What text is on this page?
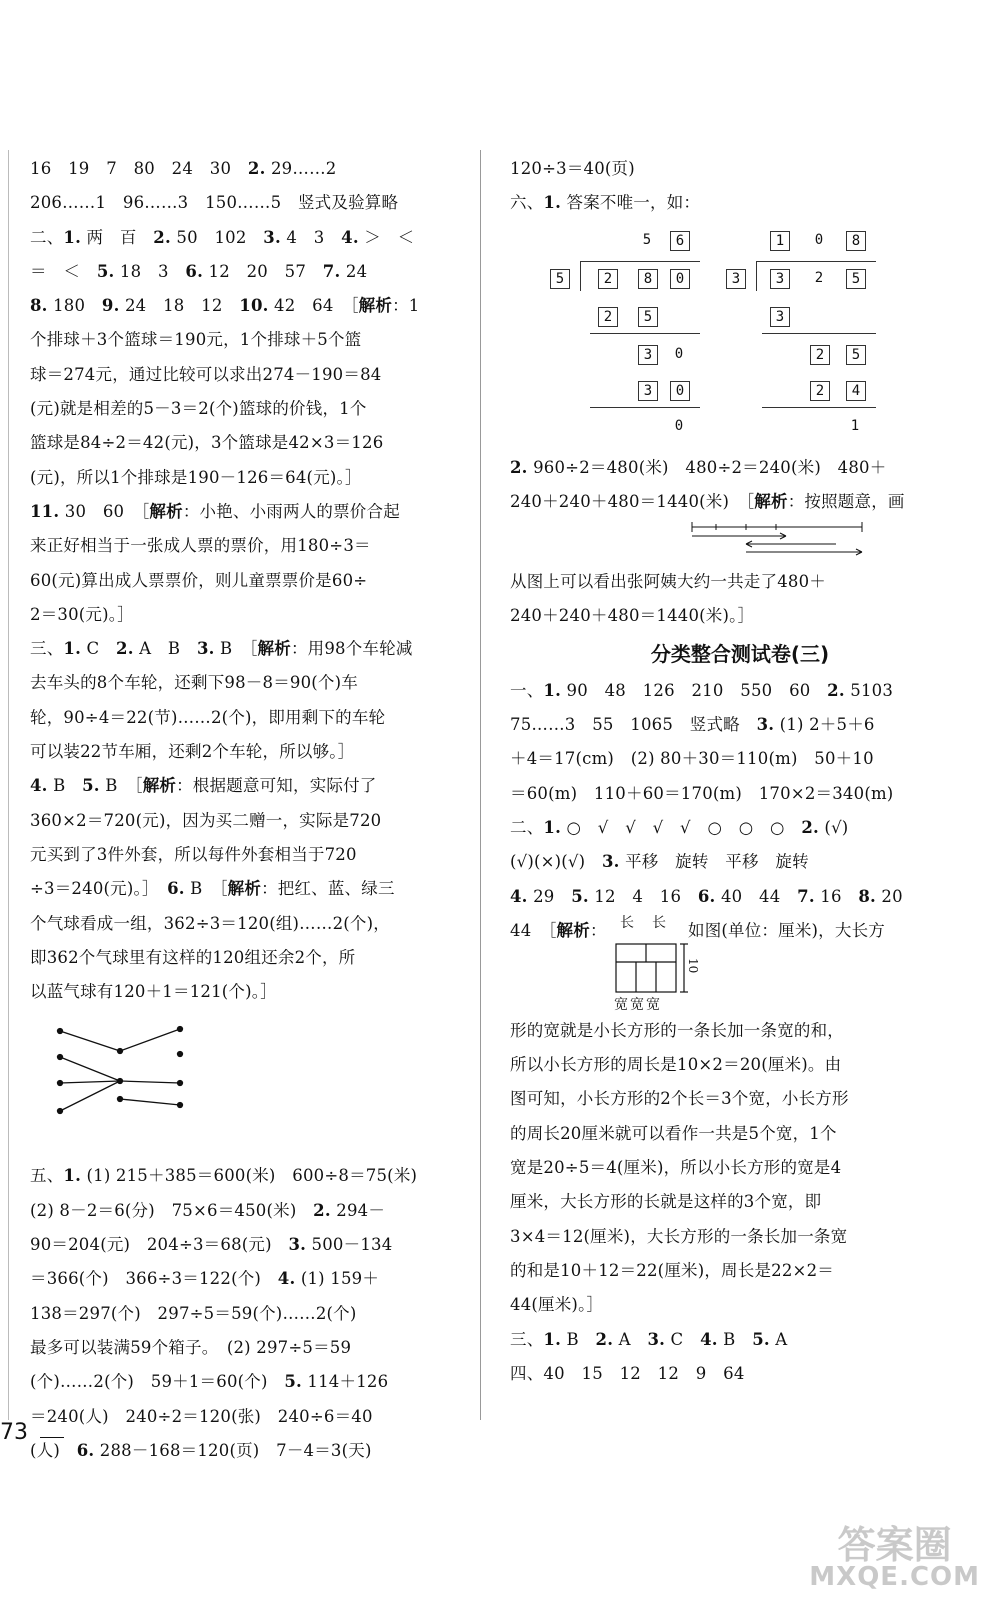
16　19　7　80　24　30　2. 29……2
206……1　96……3　150……5　竖式及验算略
二、1. 两　百　2. 50　102　3. 4　3　4. ＞　＜
＝　＜　5. 18　3　6. 12　20　57　7. 24
8. 180　9. 24　18　12　10. 42　64　［解析：1
个排球＋3个篮球＝190元，1个排球＋5个篮
球＝274元，通过比较可以求出274－190＝84
(元)就是相差的5－3＝2(个)篮球的价钱，1个
篮球是84÷2＝42(元)，3个篮球是42×3＝126
(元)，所以1个排球是190－126＝64(元)。］
11. 30　60　［解析：小艳、小雨两人的票价合起
来正好相当于一张成人票的票价，用180÷3＝
60(元)算出成人票票价，则儿童票票价是60÷
2＝30(元)。］
三、1. C　2. A　B　3. B　［解析：用98个车轮减
去车头的8个车轮，还剩下98－8＝90(个)车
轮，90÷4＝22(节)……2(个)，即用剩下的车轮
可以装22节车厢，还剩2个车轮，所以够。］
4. B　5. B　［解析：根据题意可知，实际付了
360×2＝720(元)，因为买二赠一，实际是720
元买到了3件外套，所以每件外套相当于720
÷3＝240(元)。］　6. B　［解析：把红、蓝、绿三
个气球看成一组，362÷3＝120(组)……2(个)，
即362个气球里有这样的120组还余2个，所
以蓝气球有120＋1＝121(个)。］

五、1. (1) 215＋385＝600(米)　600÷8＝75(米)
(2) 8－2＝6(分)　75×6＝450(米)　2. 294－
90＝204(元)　204÷3＝68(元)　3. 500－134
＝366(个)　366÷3＝122(个)　4. (1) 159＋
138＝297(个)　297÷5＝59(个)……2(个)
最多可以装满59个箱子。　(2) 297÷5＝59
(个)……2(个)　59＋1＝60(个)　5. 114＋126
＝240(人)　240÷2＝120(张)　240÷6＝40
(人)　6. 288－168＝120(页)　7－4＝3(天)
120÷3＝40(页)
六、1. 答案不唯一，如：
5	6
5	2	8	0
2	5
3	0
3	0
0
1	0	8
3	3	2	5
3
2	5
2	4
1
2. 960÷2＝480(米)　480÷2＝240(米)　480＋
240＋240＋480＝1440(米)　［解析：按照题意，画

从图上可以看出张阿姨大约一共走了480＋
240＋240＋480＝1440(米)。］
分类整合测试卷(三)
一、1. 90　48　126　210　550　60　2. 5103
75……3　55　1065　竖式略　3. (1) 2＋5＋6
＋4＝17(cm)　(2) 80＋30＝110(m)　50＋10
＝60(m)　110＋60＝170(m)　170×2＝340(m)
二、1. ○　√　√　√　√　○　○　○　2. (√)
(√)(×)(√)　3. 平移　旋转　平移　旋转
4. 29　5. 12　4　16　6. 40　44　7. 16　8. 20
44　［解析： 长 长 如图(单位：厘米)，大长方
10
宽宽宽
形的宽就是小长方形的一条长加一条宽的和，
所以小长方形的周长是10×2＝20(厘米)。由
图可知，小长方形的2个长＝3个宽，小长方形
的周长20厘米就可以看作一共是5个宽，1个
宽是20÷5＝4(厘米)，所以小长方形的宽是4
厘米，大长方形的长就是这样的3个宽，即
3×4＝12(厘米)，大长方形的一条长加一条宽
的和是10＋12＝22(厘米)，周长是22×2＝
44(厘米)。］
三、1. B　2. A　3. C　4. B　5. A
四、40　15　12　12　9　64
73
答案圈
MXQE.COM
